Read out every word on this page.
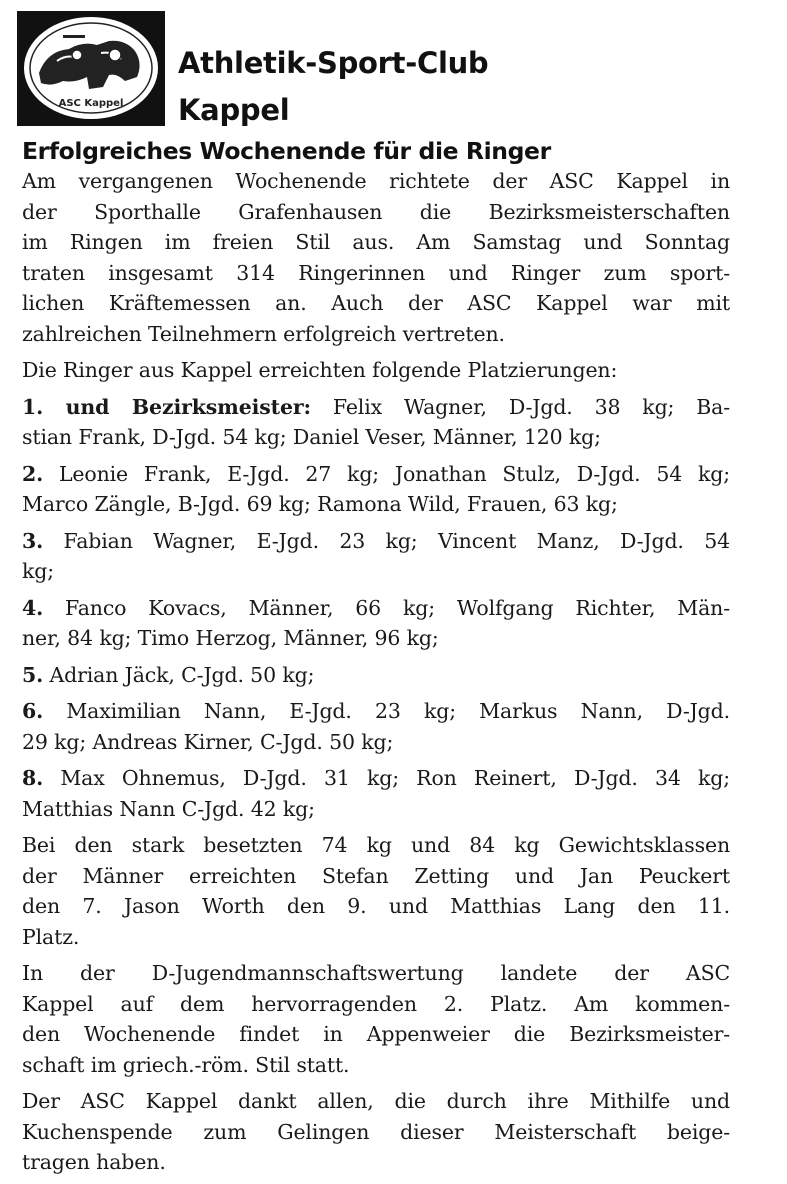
ASC Kappel
Athletik-Sport-Club
Kappel
Erfolgreiches Wochenende für die Ringer

Am vergangenen Wochenende richtete der ASC Kappel in
der Sporthalle Grafenhausen die Bezirksmeisterschaften
im Ringen im freien Stil aus. Am Samstag und Sonntag
traten insgesamt 314 Ringerinnen und Ringer zum sport-
lichen Kräftemessen an. Auch der ASC Kappel war mit
zahlreichen Teilnehmern erfolgreich vertreten.

Die Ringer aus Kappel erreichten folgende Platzierungen:

1. und Bezirksmeister: Felix Wagner, D-Jgd. 38 kg; Ba-
stian Frank, D-Jgd. 54 kg; Daniel Veser, Männer, 120 kg;

2. Leonie Frank, E-Jgd. 27 kg; Jonathan Stulz, D-Jgd. 54 kg;
Marco Zängle, B-Jgd. 69 kg; Ramona Wild, Frauen, 63 kg;

3. Fabian Wagner, E-Jgd. 23 kg; Vincent Manz, D-Jgd. 54
kg;

4. Fanco Kovacs, Männer, 66 kg; Wolfgang Richter, Män-
ner, 84 kg; Timo Herzog, Männer, 96 kg;

5. Adrian Jäck, C-Jgd. 50 kg;

6. Maximilian Nann, E-Jgd. 23 kg; Markus Nann, D-Jgd.
29 kg; Andreas Kirner, C-Jgd. 50 kg;

8. Max Ohnemus, D-Jgd. 31 kg; Ron Reinert, D-Jgd. 34 kg;
Matthias Nann C-Jgd. 42 kg;

Bei den stark besetzten 74 kg und 84 kg Gewichtsklassen
der Männer erreichten Stefan Zetting und Jan Peuckert
den 7. Jason Worth den 9. und Matthias Lang den 11.
Platz.

In der D-Jugendmannschaftswertung landete der ASC
Kappel auf dem hervorragenden 2. Platz. Am kommen-
den Wochenende findet in Appenweier die Bezirksmeister-
schaft im griech.-röm. Stil statt.

Der ASC Kappel dankt allen, die durch ihre Mithilfe und
Kuchenspende zum Gelingen dieser Meisterschaft beige-
tragen haben.
